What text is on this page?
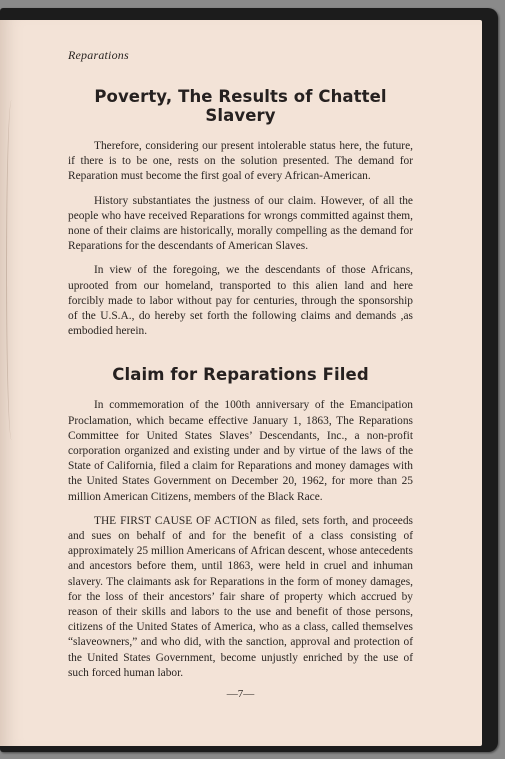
Reparations

Poverty, The Results of Chattel Slavery

Therefore, considering our present intolerable status here, the future, if there is to be one, rests on the solution presented. The demand for Reparation must become the first goal of every African-American.

History substantiates the justness of our claim. However, of all the people who have received Reparations for wrongs committed against them, none of their claims are historically, morally compelling as the demand for Reparations for the descendants of American Slaves.

In view of the foregoing, we the descendants of those Africans, uprooted from our homeland, transported to this alien land and here forcibly made to labor without pay for centuries, through the sponsorship of the U.S.A., do hereby set forth the following claims and demands ,as embodied herein.

Claim for Reparations Filed

In commemoration of the 100th anniversary of the Emancipation Proclamation, which became effective January 1, 1863, The Reparations Committee for United States Slaves’ Descendants, Inc., a non-profit corporation organized and existing under and by virtue of the laws of the State of California, filed a claim for Reparations and money damages with the United States Government on December 20, 1962, for more than 25 million American Citizens, members of the Black Race.

THE FIRST CAUSE OF ACTION as filed, sets forth, and proceeds and sues on behalf of and for the benefit of a class consisting of approximately 25 million Americans of African descent, whose antecedents and ancestors before them, until 1863, were held in cruel and inhuman slavery. The claimants ask for Reparations in the form of money damages, for the loss of their ancestors’ fair share of property which accrued by reason of their skills and labors to the use and benefit of those persons, citizens of the United States of America, who as a class, called themselves “slaveowners,” and who did, with the sanction, approval and protection of the United States Government, become unjustly enriched by the use of such forced human labor.

—7—
